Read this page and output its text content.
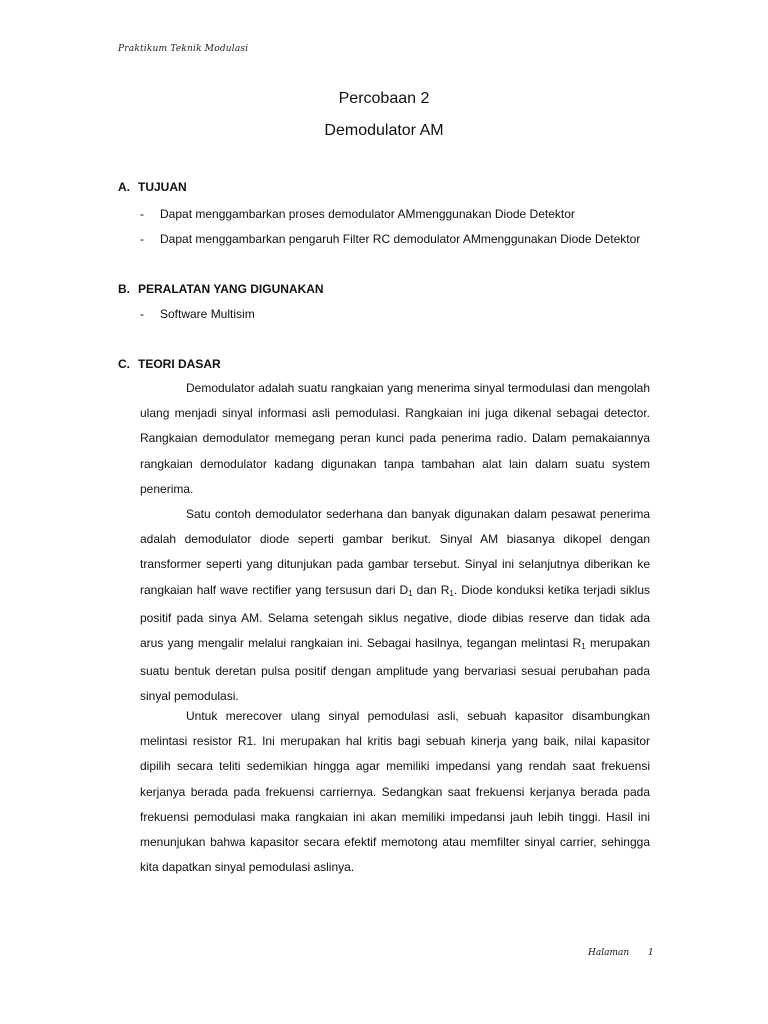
Praktikum Teknik Modulasi
Percobaan 2
Demodulator AM
A. TUJUAN
- Dapat menggambarkan proses demodulator AMmenggunakan Diode Detektor
- Dapat menggambarkan pengaruh Filter RC demodulator AMmenggunakan Diode Detektor
B. PERALATAN YANG DIGUNAKAN
- Software Multisim
C. TEORI DASAR

Demodulator adalah suatu rangkaian yang menerima sinyal termodulasi dan mengolah ulang menjadi sinyal informasi asli pemodulasi. Rangkaian ini juga dikenal sebagai detector. Rangkaian demodulator memegang peran kunci pada penerima radio. Dalam pemakaiannya rangkaian demodulator kadang digunakan tanpa tambahan alat lain dalam suatu system penerima.

Satu contoh demodulator sederhana dan banyak digunakan dalam pesawat penerima adalah demodulator diode seperti gambar berikut. Sinyal AM biasanya dikopel dengan transformer seperti yang ditunjukan pada gambar tersebut. Sinyal ini selanjutnya diberikan ke rangkaian half wave rectifier yang tersusun dari $D_1$ dan $R_1$. Diode konduksi ketika terjadi siklus positif pada sinya AM. Selama setengah siklus negative, diode dibias reserve dan tidak ada arus yang mengalir melalui rangkaian ini. Sebagai hasilnya, tegangan melintasi $R_1$ merupakan suatu bentuk deretan pulsa positif dengan amplitude yang bervariasi sesuai perubahan pada sinyal pemodulasi.

Untuk merecover ulang sinyal pemodulasi asli, sebuah kapasitor disambungkan melintasi resistor R1. Ini merupakan hal kritis bagi sebuah kinerja yang baik, nilai kapasitor dipilih secara teliti sedemikian hingga agar memiliki impedansi yang rendah saat frekuensi kerjanya berada pada frekuensi carriernya. Sedangkan saat frekuensi kerjanya berada pada frekuensi pemodulasi maka rangkaian ini akan memiliki impedansi jauh lebih tinggi. Hasil ini menunjukan bahwa kapasitor secara efektif memotong atau memfilter sinyal carrier, sehingga kita dapatkan sinyal pemodulasi aslinya.

Halaman 1
